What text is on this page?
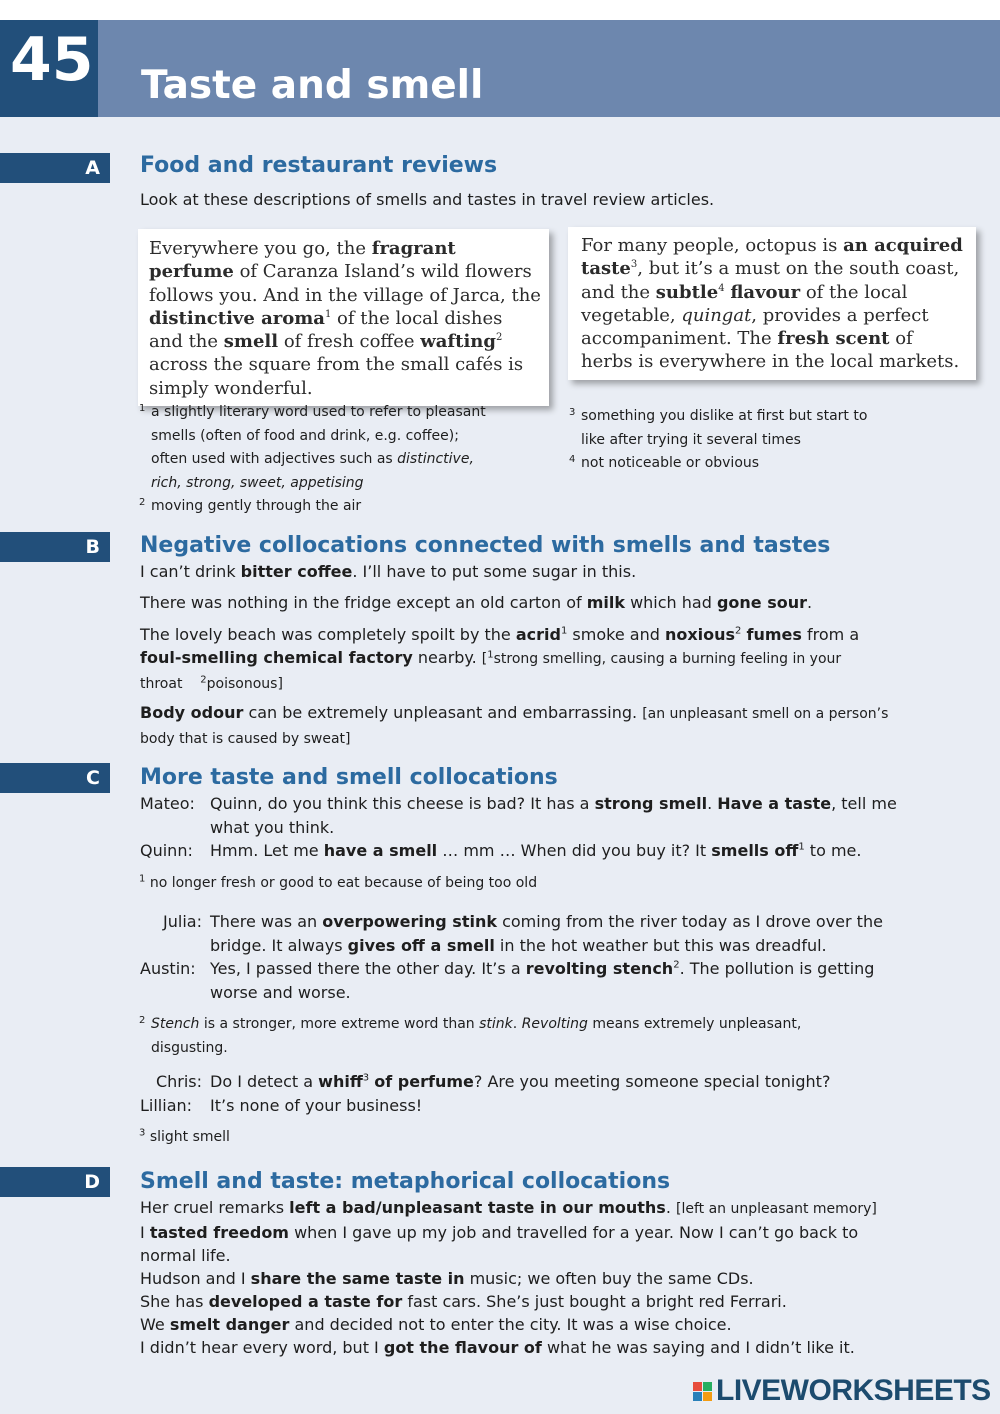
45 Taste and smell
A Food and restaurant reviews
Look at these descriptions of smells and tastes in travel review articles.
Everywhere you go, the fragrant perfume of Caranza Island’s wild flowers follows you. And in the village of Jarca, the distinctive aroma$^1$ of the local dishes and the smell of fresh coffee wafting$^2$ across the square from the small cafés is simply wonderful.
For many people, octopus is an acquired taste$^3$, but it’s a must on the south coast, and the subtle$^4$ flavour of the local vegetable, quingat, provides a perfect accompaniment. The fresh scent of herbs is everywhere in the local markets.
1 a slightly literary word used to refer to pleasant smells (often of food and drink, e.g. coffee); often used with adjectives such as distinctive, rich, strong, sweet, appetising
2 moving gently through the air
3 something you dislike at first but start to like after trying it several times
4 not noticeable or obvious
B Negative collocations connected with smells and tastes
I can’t drink bitter coffee. I’ll have to put some sugar in this.
There was nothing in the fridge except an old carton of milk which had gone sour.
The lovely beach was completely spoilt by the acrid$^1$ smoke and noxious$^2$ fumes from a foul-smelling chemical factory nearby. [$^1$strong smelling, causing a burning feeling in your throat $^2$poisonous]
Body odour can be extremely unpleasant and embarrassing. [an unpleasant smell on a person’s body that is caused by sweat]
C More taste and smell collocations
Mateo: Quinn, do you think this cheese is bad? It has a strong smell. Have a taste, tell me what you think.
Quinn:	Hmm. Let me have a smell … mm … When did you buy it? It smells off$^1$ to me.
$^1$ no longer fresh or good to eat because of being too old
Julia: There was an overpowering stink coming from the river today as I drove over the bridge. It always gives off a smell in the hot weather but this was dreadful.
Austin: Yes, I passed there the other day. It’s a revolting stench$^2$. The pollution is getting worse and worse.
2 Stench is a stronger, more extreme word than stink. Revolting means extremely unpleasant, disgusting.
Chris: Do I detect a whiff$^3$ of perfume? Are you meeting someone special tonight?
Lillian:	It’s none of your business!
$^3$ slight smell
D Smell and taste: metaphorical collocations
Her cruel remarks left a bad/unpleasant taste in our mouths. [left an unpleasant memory]
I tasted freedom when I gave up my job and travelled for a year. Now I can’t go back to normal life.
Hudson and I share the same taste in music; we often buy the same CDs.
She has developed a taste for fast cars. She’s just bought a bright red Ferrari.
We smelt danger and decided not to enter the city. It was a wise choice.
I didn’t hear every word, but I got the flavour of what he was saying and I didn’t like it.
LIVEWORKSHEETS
